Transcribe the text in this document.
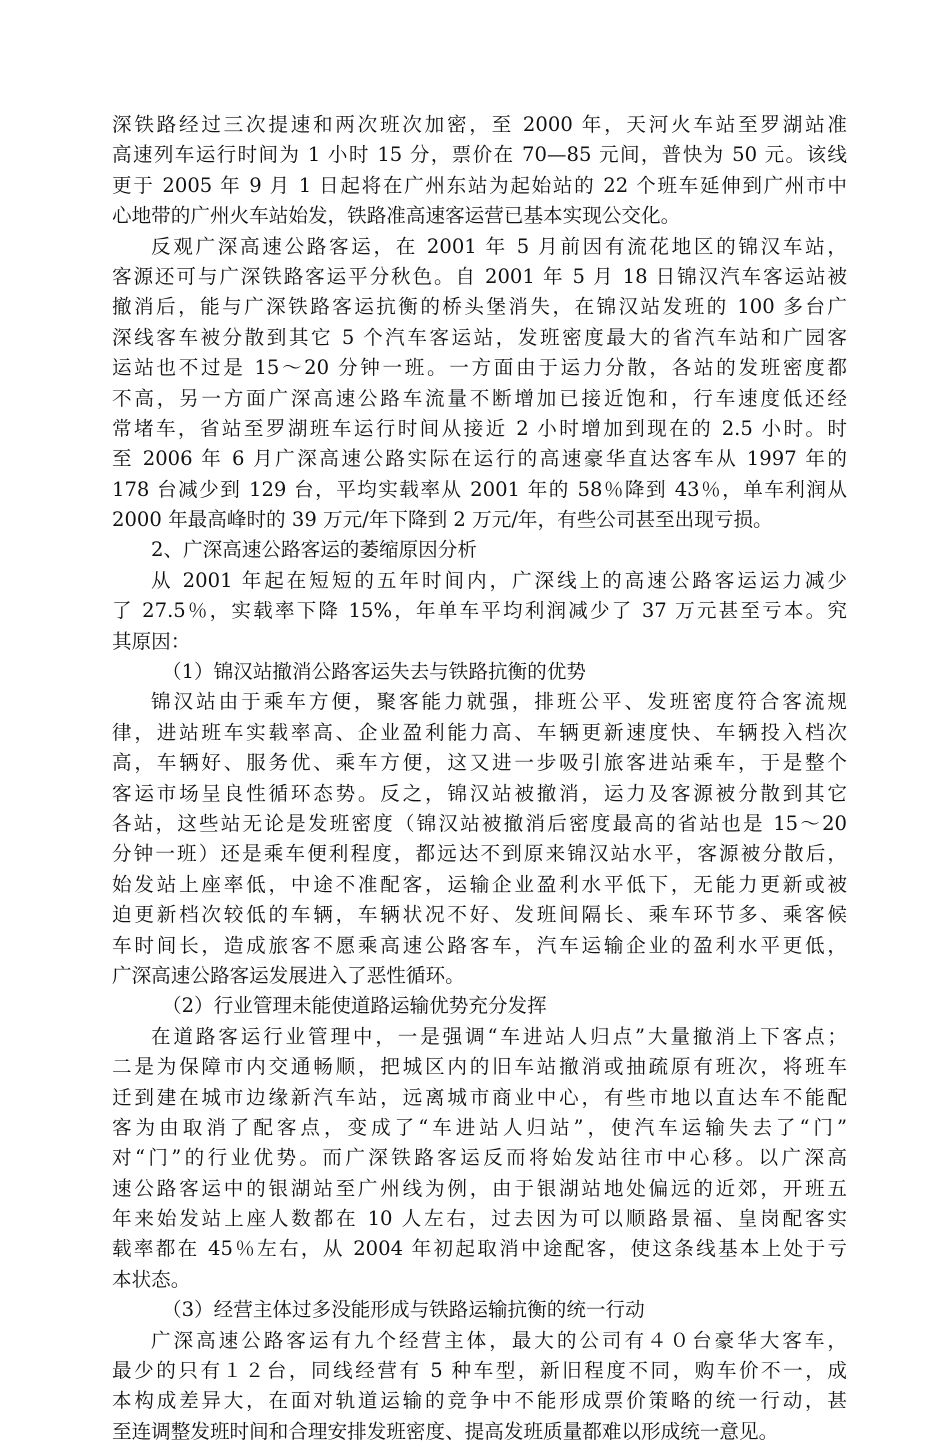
深铁路经过三次提速和两次班次加密，至 2000 年，天河火车站至罗湖站准
高速列车运行时间为 1 小时 15 分，票价在 70—85 元间，普快为 50 元。该线
更于 2005 年 9 月 1 日起将在广州东站为起始站的 22 个班车延伸到广州市中
心地带的广州火车站始发，铁路准高速客运营已基本实现公交化。
反观广深高速公路客运，在 2001 年 5 月前因有流花地区的锦汉车站，
客源还可与广深铁路客运平分秋色。自 2001 年 5 月 18 日锦汉汽车客运站被
撤消后，能与广深铁路客运抗衡的桥头堡消失，在锦汉站发班的 100 多台广
深线客车被分散到其它 5 个汽车客运站，发班密度最大的省汽车站和广园客
运站也不过是 15～20 分钟一班。一方面由于运力分散，各站的发班密度都
不高，另一方面广深高速公路车流量不断增加已接近饱和，行车速度低还经
常堵车，省站至罗湖班车运行时间从接近 2 小时增加到现在的 2.5 小时。时
至 2006 年 6 月广深高速公路实际在运行的高速豪华直达客车从 1997 年的
178 台减少到 129 台，平均实载率从 2001 年的 58％降到 43％，单车利润从
2000 年最高峰时的 39 万元/年下降到 2 万元/年，有些公司甚至出现亏损。
2、广深高速公路客运的萎缩原因分析
从 2001 年起在短短的五年时间内，广深线上的高速公路客运运力减少
了 27.5％，实载率下降 15%，年单车平均利润减少了 37 万元甚至亏本。究
其原因：
（1）锦汉站撤消公路客运失去与铁路抗衡的优势
锦汉站由于乘车方便，聚客能力就强，排班公平、发班密度符合客流规
律，进站班车实载率高、企业盈利能力高、车辆更新速度快、车辆投入档次
高，车辆好、服务优、乘车方便，这又进一步吸引旅客进站乘车，于是整个
客运市场呈良性循环态势。反之，锦汉站被撤消，运力及客源被分散到其它
各站，这些站无论是发班密度（锦汉站被撤消后密度最高的省站也是 15～20
分钟一班）还是乘车便利程度，都远达不到原来锦汉站水平，客源被分散后，
始发站上座率低，中途不准配客，运输企业盈利水平低下，无能力更新或被
迫更新档次较低的车辆，车辆状况不好、发班间隔长、乘车环节多、乘客候
车时间长，造成旅客不愿乘高速公路客车，汽车运输企业的盈利水平更低，
广深高速公路客运发展进入了恶性循环。
（2）行业管理未能使道路运输优势充分发挥
在道路客运行业管理中，一是强调“车进站人归点”大量撤消上下客点；
二是为保障市内交通畅顺，把城区内的旧车站撤消或抽疏原有班次，将班车
迁到建在城市边缘新汽车站，远离城市商业中心，有些市地以直达车不能配
客为由取消了配客点，变成了“车进站人归站”，使汽车运输失去了“门”
对“门”的行业优势。而广深铁路客运反而将始发站往市中心移。以广深高
速公路客运中的银湖站至广州线为例，由于银湖站地处偏远的近郊，开班五
年来始发站上座人数都在 10 人左右，过去因为可以顺路景福、皇岗配客实
载率都在 45％左右，从 2004 年初起取消中途配客，使这条线基本上处于亏
本状态。
（3）经营主体过多没能形成与铁路运输抗衡的统一行动
广深高速公路客运有九个经营主体，最大的公司有４０台豪华大客车，
最少的只有１２台，同线经营有 5 种车型，新旧程度不同，购车价不一，成
本构成差异大，在面对轨道运输的竞争中不能形成票价策略的统一行动，甚
至连调整发班时间和合理安排发班密度、提高发班质量都难以形成统一意见。
